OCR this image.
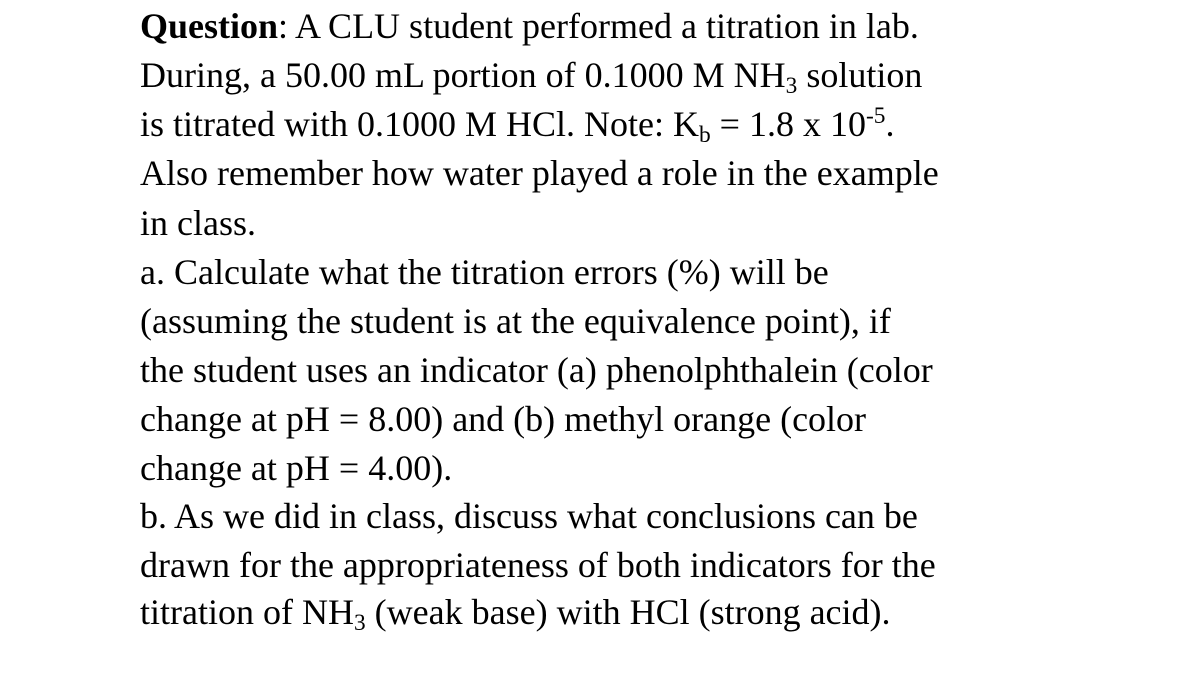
Question: A CLU student performed a titration in lab.
During, a 50.00 mL portion of 0.1000 M $NH_3$ solution
is titrated with 0.1000 M HCl. Note: $K_b = 1.8$ x $10^{-5}$.
Also remember how water played a role in the example
in class.
a. Calculate what the titration errors (%) will be
(assuming the student is at the equivalence point), if
the student uses an indicator (a) phenolphthalein (color
change at pH = 8.00) and (b) methyl orange (color
change at pH = 4.00).
b. As we did in class, discuss what conclusions can be
drawn for the appropriateness of both indicators for the
titration of $NH_3$ (weak base) with HCl (strong acid).
